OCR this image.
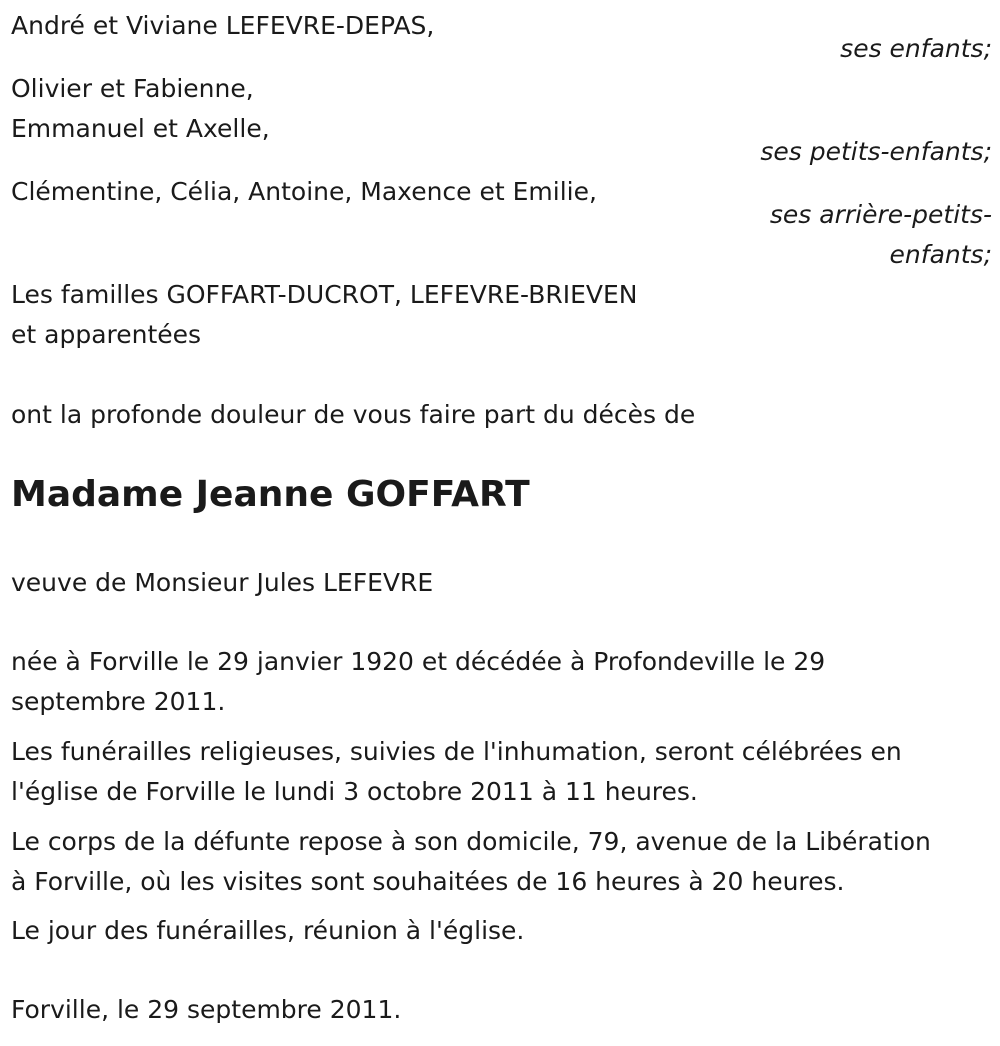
André et Viviane LEFEVRE-DEPAS,
ses enfants;
Olivier et Fabienne,
Emmanuel et Axelle,
ses petits-enfants;
Clémentine, Célia, Antoine, Maxence et Emilie,
ses arrière-petits-
enfants;
Les familles GOFFART-DUCROT, LEFEVRE-BRIEVEN
et apparentées
ont la profonde douleur de vous faire part du décès de
Madame Jeanne GOFFART
veuve de Monsieur Jules LEFEVRE
née à Forville le 29 janvier 1920 et décédée à Profondeville le 29
septembre 2011.
Les funérailles religieuses, suivies de l'inhumation, seront célébrées en
l'église de Forville le lundi 3 octobre 2011 à 11 heures.
Le corps de la défunte repose à son domicile, 79, avenue de la Libération
à Forville, où les visites sont souhaitées de 16 heures à 20 heures.
Le jour des funérailles, réunion à l'église.
Forville, le 29 septembre 2011.
